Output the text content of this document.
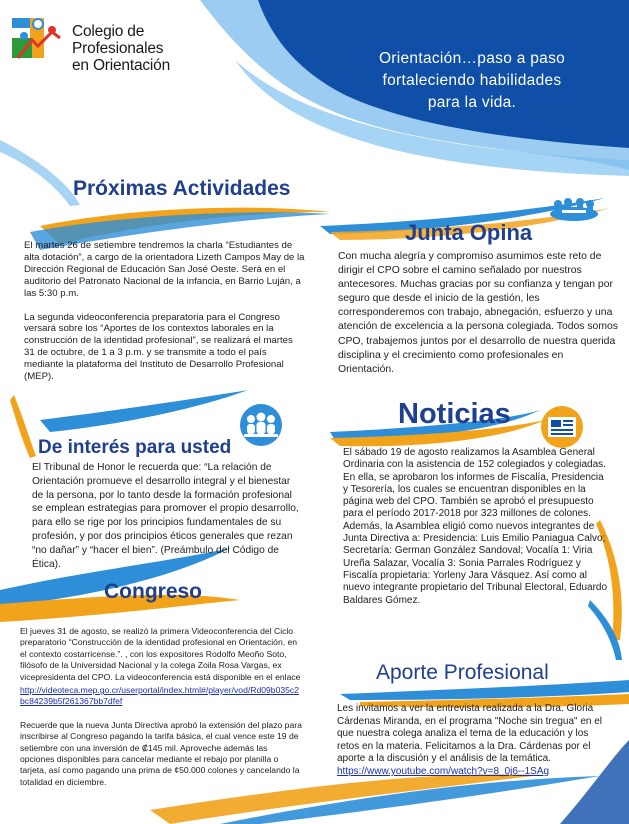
Colegio de
Profesionales
en Orientación	Orientación…paso a paso
fortaleciendo habilidades
para la vida.
Próximas Actividades

El martes 26 de setiembre tendremos la charla “Estudiantes de alta dotación”, a cargo de la orientadora Lizeth Campos May de la Dirección Regional de Educación San José Oeste. Será en el auditorio del Patronato Nacional de la infancia, en Barrio Luján, a las 5:30 p.m.

La segunda videoconferencia preparatoria para el Congreso versará sobre los “Aportes de los contextos laborales en la construcción de la identidad profesional”, se realizará el martes 31 de octubre, de 1 a 3 p.m. y se transmite a todo el país mediante la plataforma del Instituto de Desarrollo Profesional (MEP).

Junta Opina

Con mucha alegría y compromiso asumimos este reto de dirigir el CPO sobre el camino señalado por nuestros antecesores. Muchas gracias por su confianza y tengan por seguro que desde el inicio de la gestión, les corresponderemos con trabajo, abnegación, esfuerzo y una atención de excelencia a la persona colegiada. Todos somos CPO, trabajemos juntos por el desarrollo de nuestra querida disciplina y el crecimiento como profesionales en Orientación.

Noticias

El sábado 19 de agosto realizamos la Asamblea General Ordinaria con la asistencia de 152 colegiados y colegiadas. En ella, se aprobaron los informes de Fiscalía, Presidencia y Tesorería, los cuales se encuentran disponibles en la página web del CPO. También se aprobó el presupuesto para el período 2017-2018 por 323 millones de colones. Además, la Asamblea eligió como nuevos integrantes de Junta Directiva a: Presidencia: Luis Emilio Paniagua Calvo; Secretaría: German González Sandoval; Vocalía 1: Viria Ureña Salazar, Vocalía 3: Sonia Parrales Rodríguez y Fiscalía propietaria: Yorleny Jara Vásquez. Así como al nuevo integrante propietario del Tribunal Electoral, Eduardo Baldares Gómez.

De interés para usted

El Tribunal de Honor le recuerda que: “La relación de Orientación promueve el desarrollo integral y el bienestar de la persona, por lo tanto desde la formación profesional se emplean estrategias para promover el propio desarrollo, para ello se rige por los principios fundamentales de su profesión, y por dos principios éticos generales que rezan “no dañar” y “hacer el bien”. (Preámbulo del Código de Ética).

Congreso

El jueves 31 de agosto, se realizó la primera Videoconferencia del Ciclo preparatorio “Construcción de la identidad profesional en Orientación, en el contexto costarricense.”. , con los expositores Rodolfo Meoño Soto, filósofo de la Universidad Nacional y la colega Zoila Rosa Vargas, ex vicepresidenta del CPO. La videoconferencia está disponible en el enlace

http://videoteca.mep.go.cr/userportal/index.html#/player/vod/Rd09b035c2bc84239b5f261367bb7dfef

Recuerde que la nueva Junta Directiva aprobó la extensión del plazo para inscribirse al Congreso pagando la tarifa básica, el cual vence este 19 de setiembre con una inversión de ₡145 mil. Aproveche además las opciones disponibles para cancelar mediante el rebajo por planilla o tarjeta, así como pagando una prima de ¢50.000 colones y cancelando la totalidad en diciembre.

Aporte Profesional

Les invitamos a ver la entrevista realizada a la Dra. Gloria Cárdenas Miranda, en el programa "Noche sin tregua" en el que nuestra colega analiza el tema de la educación y los retos en la materia. Felicitamos a la Dra. Cárdenas por el aporte a la discusión y el análisis de la temática.

https://www.youtube.com/watch?v=8_0j6--1SAg
